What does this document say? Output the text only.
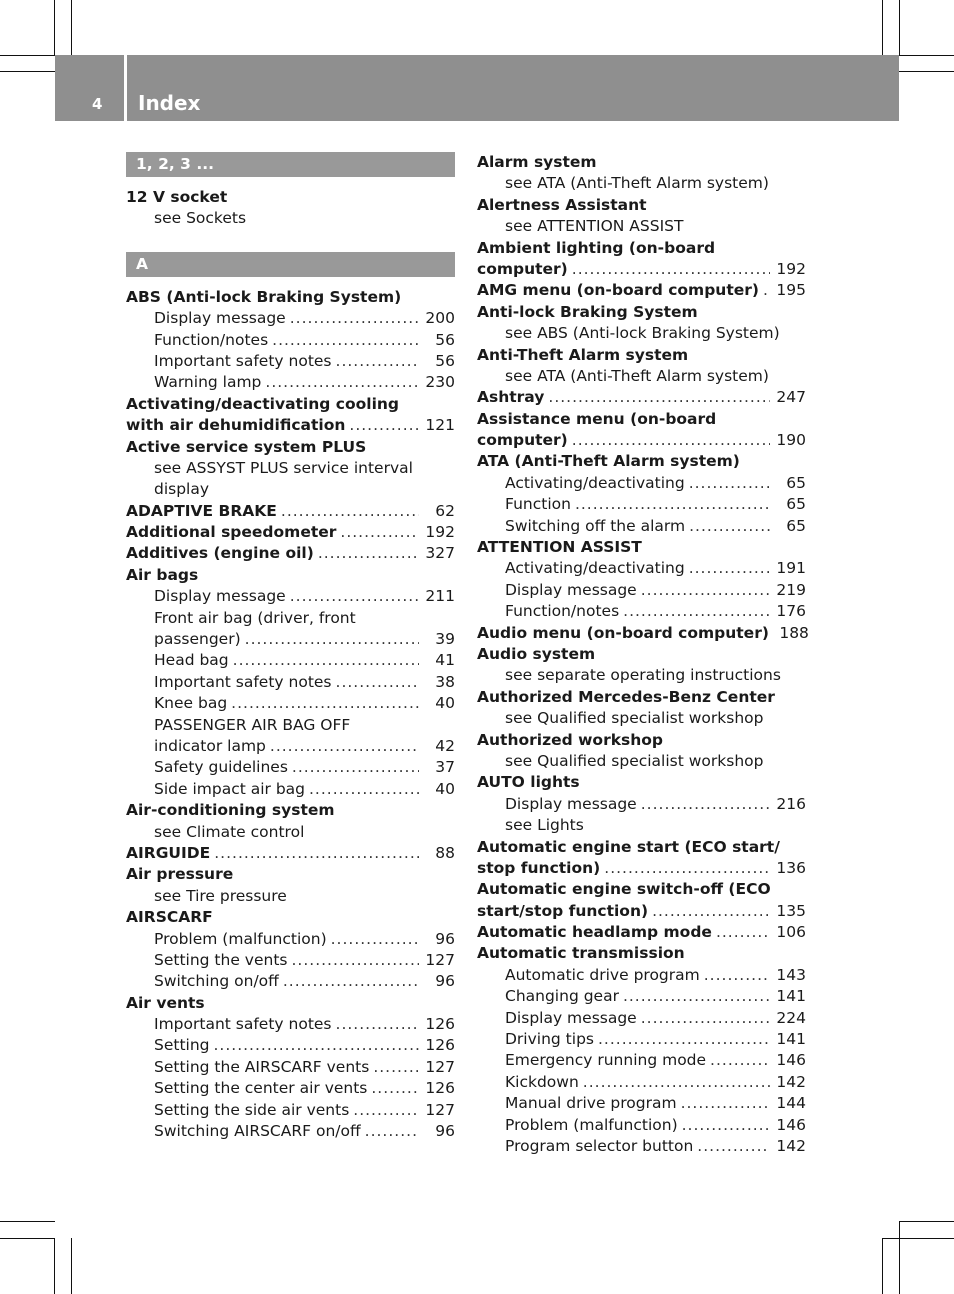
4 Index
1, 2, 3 ...
12 V socket
see Sockets
A
ABS (Anti-lock Braking System)
Display message .....	200
Function/notes .....	56
Important safety notes .....	56
Warning lamp .....	230
Activating/deactivating cooling
with air dehumidification .....	121
Active service system PLUS
see ASSYST PLUS service interval
display
ADAPTIVE BRAKE .....	62
Additional speedometer .....	192
Additives (engine oil) .....	327
Air bags
Display message .....	211
Front air bag (driver, front
passenger) .....	39
Head bag .....	41
Important safety notes .....	38
Knee bag .....	40
PASSENGER AIR BAG OFF
indicator lamp .....	42
Safety guidelines .....	37
Side impact air bag .....	40
Air-conditioning system
see Climate control
AIRGUIDE .....	88
Air pressure
see Tire pressure
AIRSCARF
Problem (malfunction) .....	96
Setting the vents .....	127
Switching on/off .....	96
Air vents
Important safety notes .....	126
Setting .....	126
Setting the AIRSCARF vents .....	127
Setting the center air vents .....	126
Setting the side air vents .....	127
Switching AIRSCARF on/off .....	96
Alarm system
see ATA (Anti-Theft Alarm system)
Alertness Assistant
see ATTENTION ASSIST
Ambient lighting (on-board
computer) .....	192
AMG menu (on-board computer) ..... 195
Anti-lock Braking System
see ABS (Anti-lock Braking System)
Anti-Theft Alarm system
see ATA (Anti-Theft Alarm system)
Ashtray .....	247
Assistance menu (on-board
computer) .....	190
ATA (Anti-Theft Alarm system)
Activating/deactivating .....	65
Function .....	65
Switching off the alarm .....	65
ATTENTION ASSIST
Activating/deactivating .....	191
Display message .....	219
Function/notes .....	176
Audio menu (on-board computer) 188
Audio system
see separate operating instructions
Authorized Mercedes-Benz Center
see Qualified specialist workshop
Authorized workshop
see Qualified specialist workshop
AUTO lights
Display message .....	216
see Lights
Automatic engine start (ECO start/
stop function) .....	136
Automatic engine switch-off (ECO
start/stop function) .....	135
Automatic headlamp mode .....	106
Automatic transmission
Automatic drive program .....	143
Changing gear .....	141
Display message .....	224
Driving tips .....	141
Emergency running mode .....	146
Kickdown .....	142
Manual drive program .....	144
Problem (malfunction) .....	146
Program selector button .....	142
